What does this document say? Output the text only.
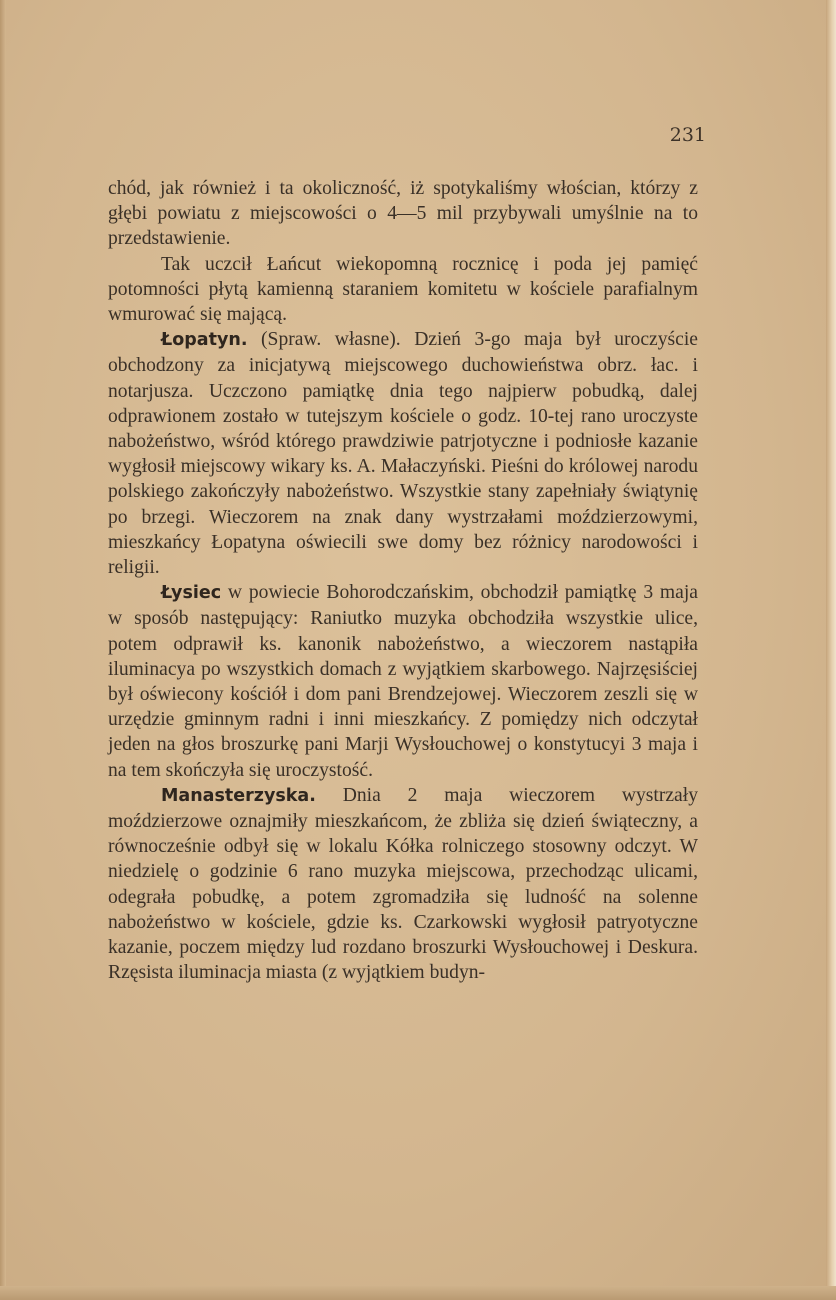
231

chód, jak również i ta okoliczność, iż spotykaliśmy włościan, którzy z głębi powiatu z miejscowości o 4—5 mil przybywali umyślnie na to przedstawienie.

Tak uczcił Łańcut wiekopomną rocznicę i poda jej pamięć potomności płytą kamienną staraniem komitetu w kościele parafialnym wmurować się mającą.

Łopatyn. (Spraw. własne). Dzień 3-go maja był uroczyście obchodzony za inicjatywą miejscowego duchowieństwa obrz. łac. i notarjusza. Uczczono pamiątkę dnia tego najpierw pobudką, dalej odprawionem zostało w tutejszym kościele o godz. 10-tej rano uroczyste nabożeństwo, wśród którego prawdziwie patrjotyczne i podniosłe kazanie wygłosił miejscowy wikary ks. A. Małaczyński. Pieśni do królowej narodu polskiego zakończyły nabożeństwo. Wszystkie stany zapełniały świątynię po brzegi. Wieczorem na znak dany wystrzałami moździerzowymi, mieszkańcy Łopatyna oświecili swe domy bez różnicy narodowości i religii.

Łysiec w powiecie Bohorodczańskim, obchodził pamiątkę 3 maja w sposób następujący: Raniutko muzyka obchodziła wszystkie ulice, potem odprawił ks. kanonik nabożeństwo, a wieczorem nastąpiła iluminacya po wszystkich domach z wyjątkiem skarbowego. Najrzęsiściej był oświecony kościół i dom pani Brendzejowej. Wieczorem zeszli się w urzędzie gminnym radni i inni mieszkańcy. Z pomiędzy nich odczytał jeden na głos broszurkę pani Marji Wysłouchowej o konstytucyi 3 maja i na tem skończyła się uroczystość.

Manasterzyska. Dnia 2 maja wieczorem wystrzały moździerzowe oznajmiły mieszkańcom, że zbliża się dzień świąteczny, a równocześnie odbył się w lokalu Kółka rolniczego stosowny odczyt. W niedzielę o godzinie 6 rano muzyka miejscowa, przechodząc ulicami, odegrała pobudkę, a potem zgromadziła się ludność na solenne nabożeństwo w kościele, gdzie ks. Czarkowski wygłosił patryotyczne kazanie, poczem między lud rozdano broszurki Wysłouchowej i Deskura. Rzęsista iluminacja miasta (z wyjątkiem budyn-
